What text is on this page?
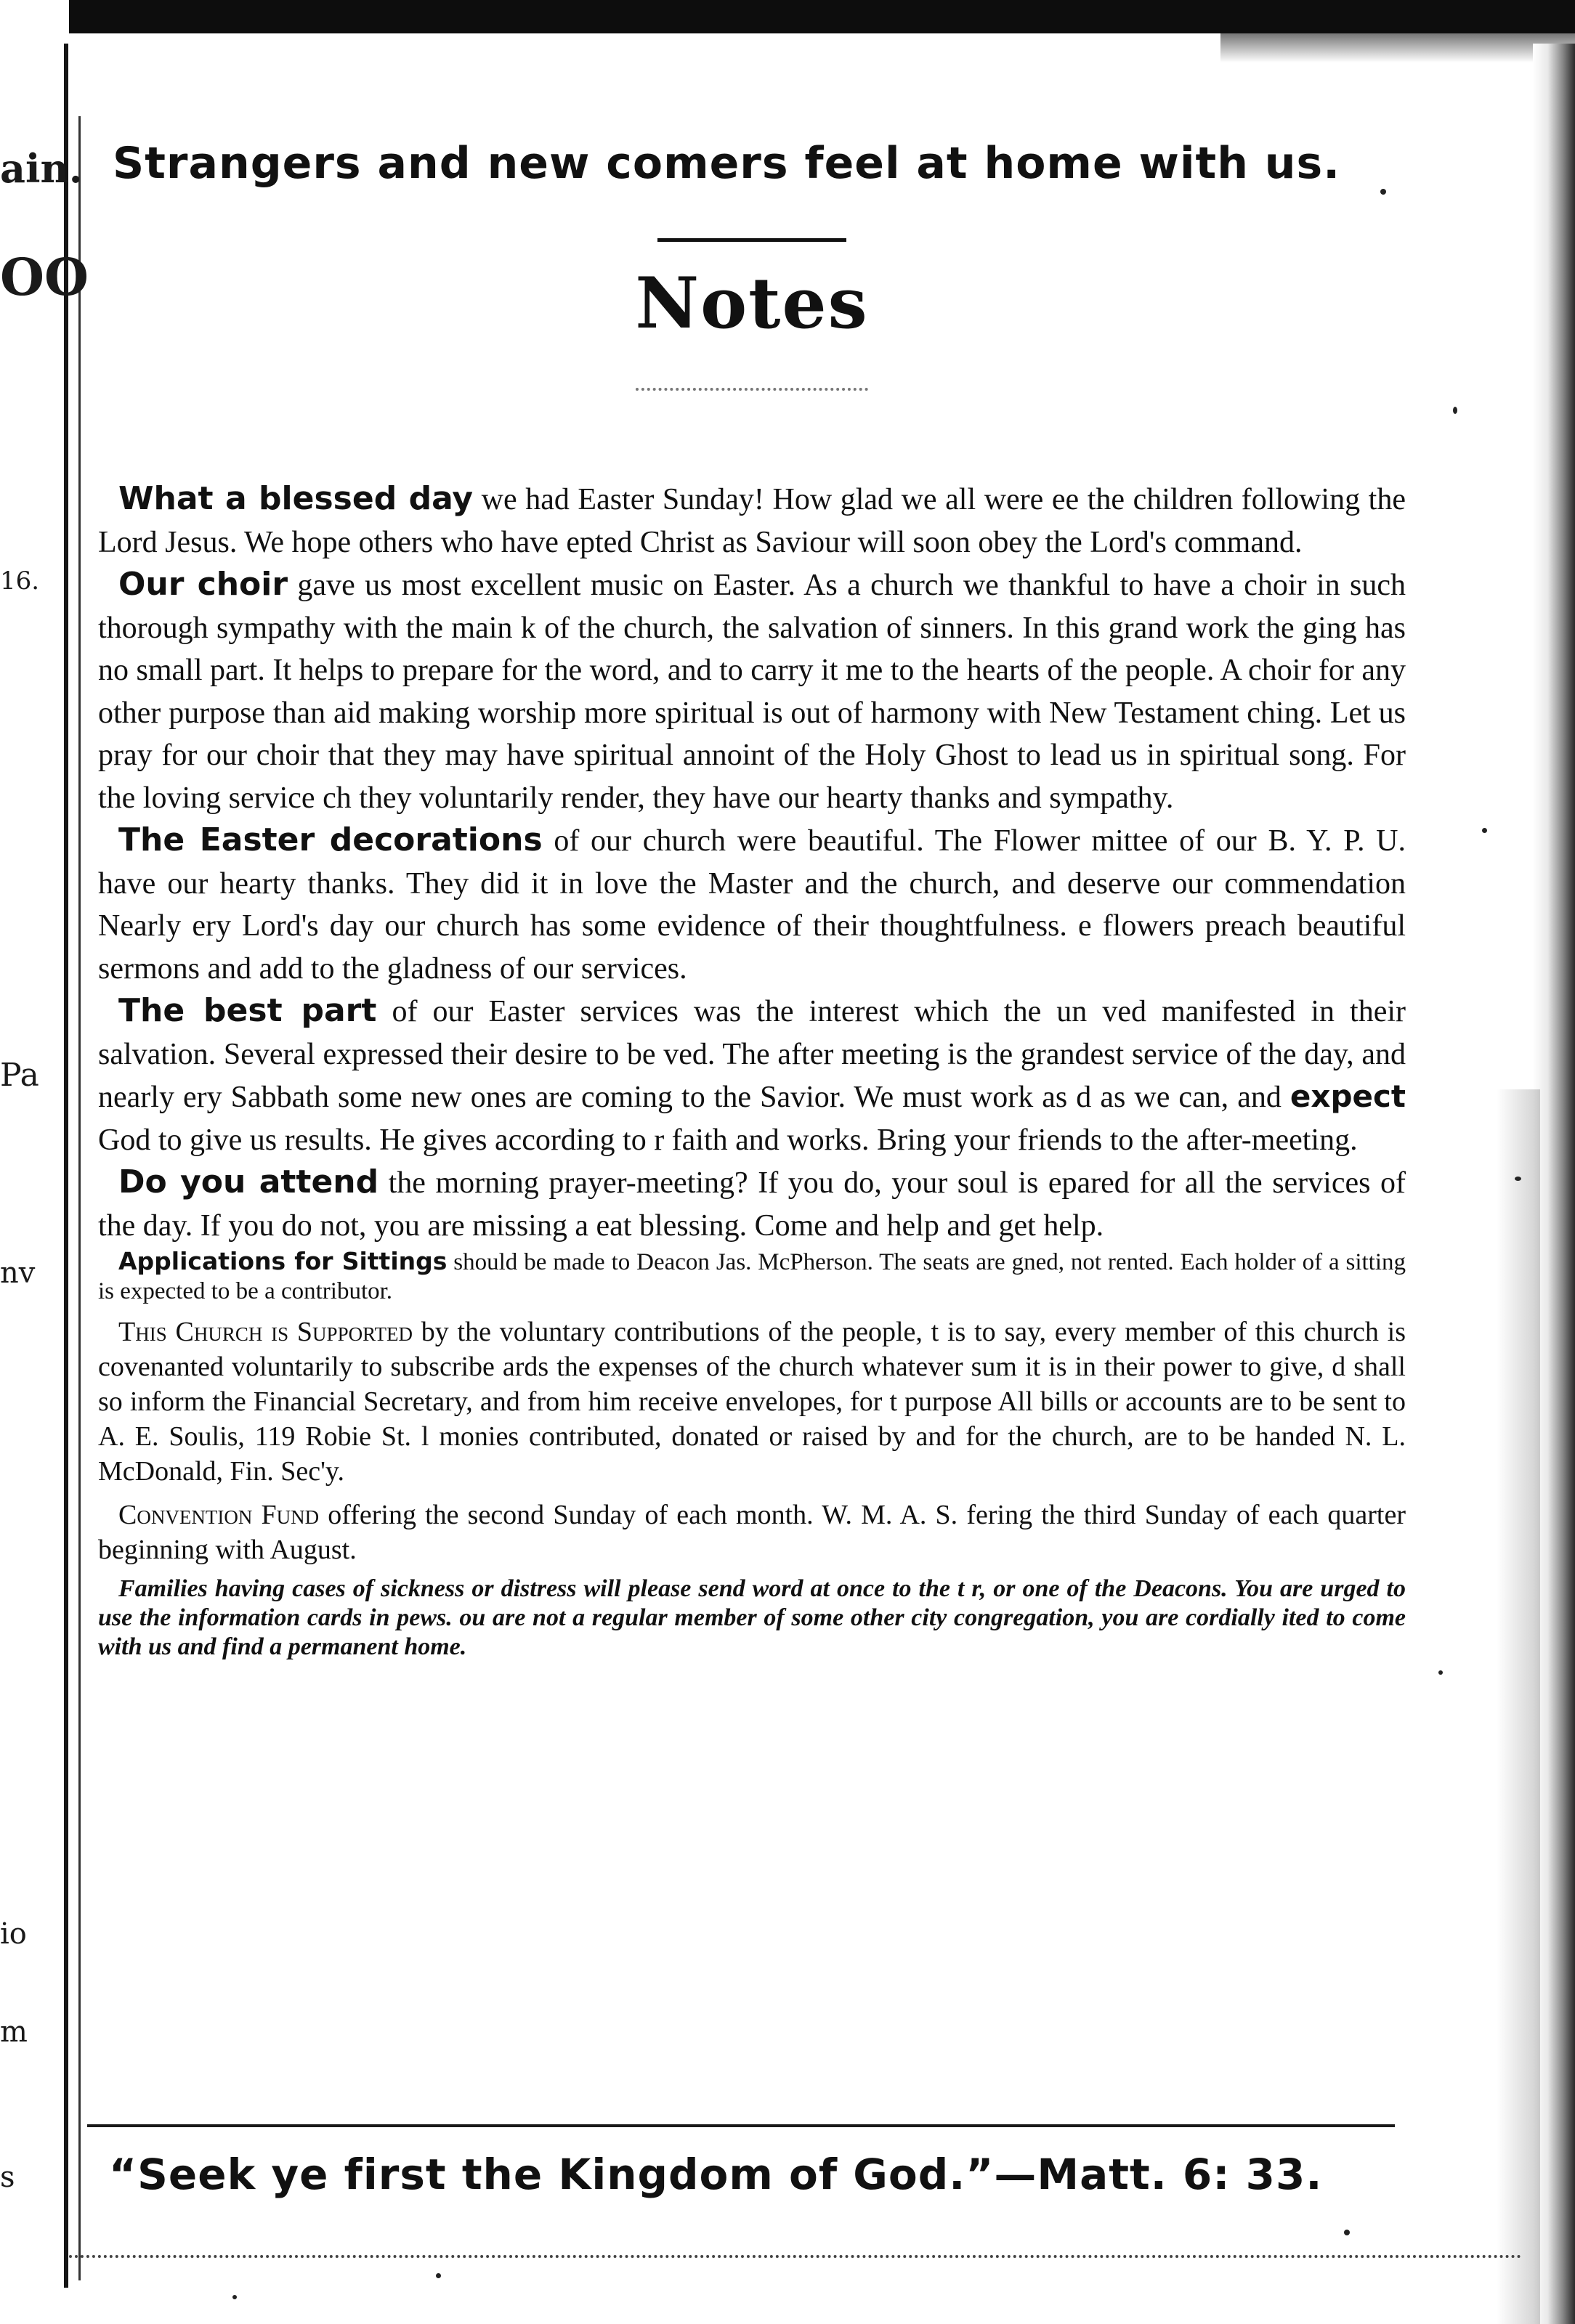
ain.
OO
16.
Pa
nv
io
m
s
Strangers and new comers feel at home with us.
Notes

What a blessed day we had Easter Sunday! How glad we all were ee the children following the Lord Jesus. We hope others who have epted Christ as Saviour will soon obey the Lord's command.

Our choir gave us most excellent music on Easter. As a church we thankful to have a choir in such thorough sympathy with the main k of the church, the salvation of sinners. In this grand work the ging has no small part. It helps to prepare for the word, and to carry it me to the hearts of the people. A choir for any other purpose than aid making worship more spiritual is out of harmony with New Testament ching. Let us pray for our choir that they may have spiritual annoint of the Holy Ghost to lead us in spiritual song. For the loving service ch they voluntarily render, they have our hearty thanks and sympathy.

The Easter decorations of our church were beautiful. The Flower mittee of our B. Y. P. U. have our hearty thanks. They did it in love the Master and the church, and deserve our commendation Nearly ery Lord's day our church has some evidence of their thoughtfulness. e flowers preach beautiful sermons and add to the gladness of our services.

The best part of our Easter services was the interest which the un ved manifested in their salvation. Several expressed their desire to be ved. The after meeting is the grandest service of the day, and nearly ery Sabbath some new ones are coming to the Savior. We must work as d as we can, and expect God to give us results. He gives according to r faith and works. Bring your friends to the after-meeting.

Do you attend the morning prayer-meeting? If you do, your soul is epared for all the services of the day. If you do not, you are missing a eat blessing. Come and help and get help.

Applications for Sittings should be made to Deacon Jas. McPherson. The seats are gned, not rented. Each holder of a sitting is expected to be a contributor.

This Church is Supported by the voluntary contributions of the people, t is to say, every member of this church is covenanted voluntarily to subscribe ards the expenses of the church whatever sum it is in their power to give, d shall so inform the Financial Secretary, and from him receive envelopes, for t purpose All bills or accounts are to be sent to A. E. Soulis, 119 Robie St. l monies contributed, donated or raised by and for the church, are to be handed N. L. McDonald, Fin. Sec'y.

Convention Fund offering the second Sunday of each month. W. M. A. S. fering the third Sunday of each quarter beginning with August.

Families having cases of sickness or distress will please send word at once to the t r, or one of the Deacons. You are urged to use the information cards in pews. ou are not a regular member of some other city congregation, you are cordially ited to come with us and find a permanent home.

“Seek ye first the Kingdom of God.”—Matt. 6: 33.
